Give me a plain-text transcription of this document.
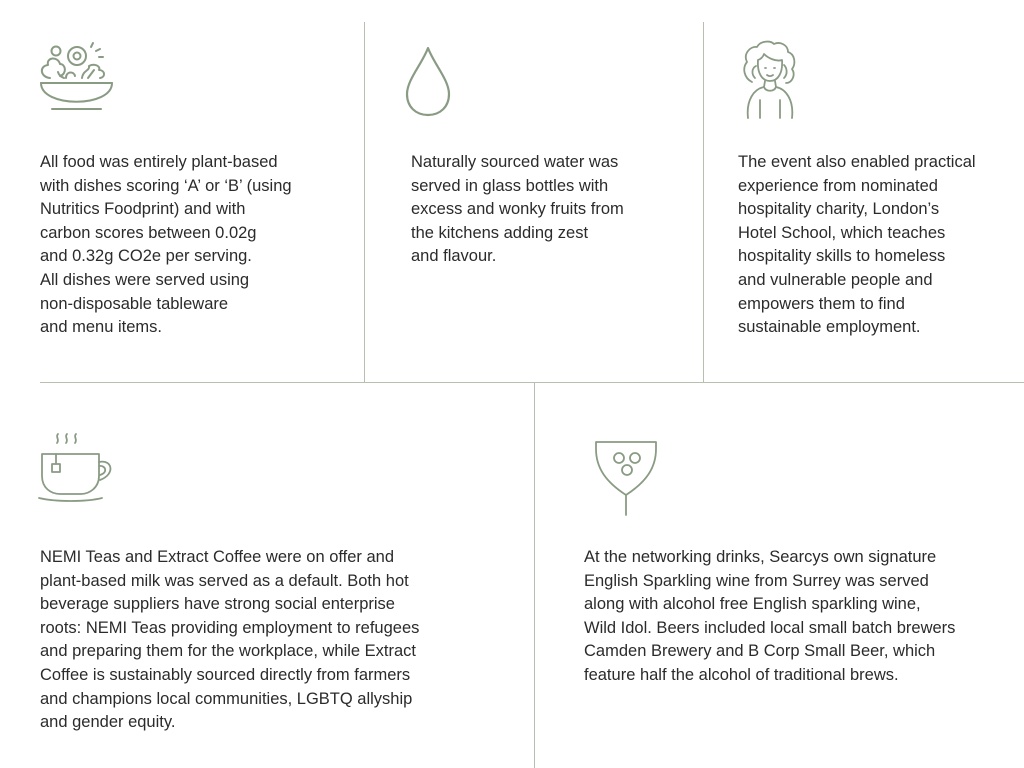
All food was entirely plant-based
with dishes scoring ‘A’ or ‘B’ (using
Nutritics Foodprint) and with
carbon scores between 0.02g
and 0.32g CO2e per serving.
All dishes were served using
non-disposable tableware
and menu items.

Naturally sourced water was
served in glass bottles with
excess and wonky fruits from
the kitchens adding zest
and flavour.

The event also enabled practical
experience from nominated
hospitality charity, London’s
Hotel School, which teaches
hospitality skills to homeless
and vulnerable people and
empowers them to find
sustainable employment.

NEMI Teas and Extract Coffee were on offer and
plant-based milk was served as a default. Both hot
beverage suppliers have strong social enterprise
roots: NEMI Teas providing employment to refugees
and preparing them for the workplace, while Extract
Coffee is sustainably sourced directly from farmers
and champions local communities, LGBTQ allyship
and gender equity.

At the networking drinks, Searcys own signature
English Sparkling wine from Surrey was served
along with alcohol free English sparkling wine,
Wild Idol. Beers included local small batch brewers
Camden Brewery and B Corp Small Beer, which
feature half the alcohol of traditional brews.
